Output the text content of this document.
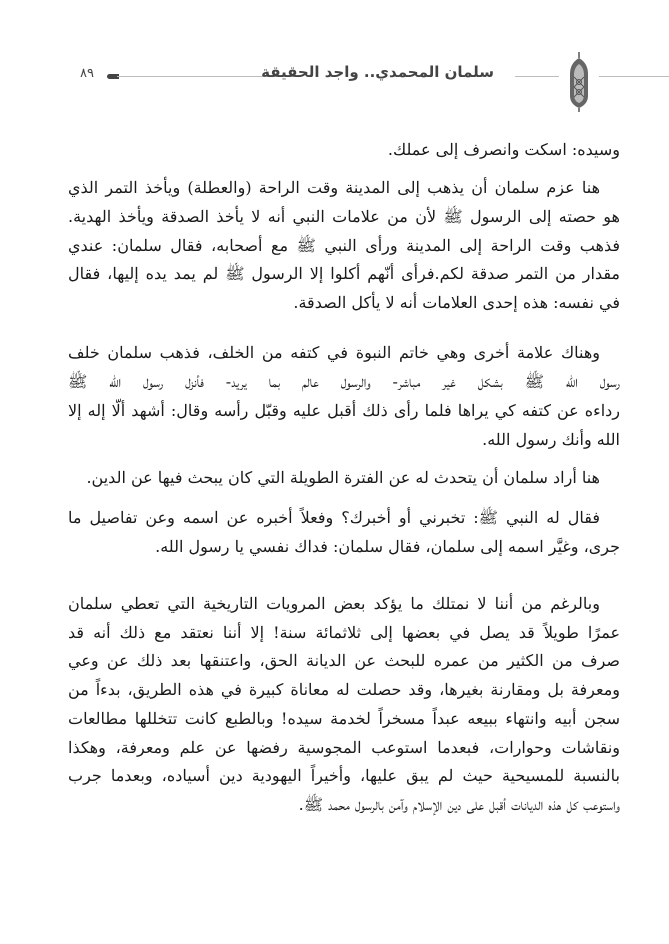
٨٩	سلمان المحمدي.. واجد الحقيقة
وسيده: اسكت وانصرف إلى عملك.
هنا عزم سلمان أن يذهب إلى المدينة وقت الراحة (والعطلة) ويأخذ التمر الذي
هو حصته إلى الرسول ﷺ لأن من علامات النبي أنه لا يأخذ الصدقة ويأخذ الهدية.
فذهب وقت الراحة إلى المدينة ورأى النبي ﷺ مع أصحابه، فقال سلمان: عندي
مقدار من التمر صدقة لكم.فرأى أنّهم أكلوا إلا الرسول ﷺ لم يمد يده إليها، فقال
في نفسه: هذه إحدى العلامات أنه لا يأكل الصدقة.
وهناك علامة أخرى وهي خاتم النبوة في كتفه من الخلف، فذهب سلمان خلف
رسول الله ﷺ بشكل غير مباشر- والرسول عالم بما يريد- فأنزل رسول الله ﷺ
رداءه عن كتفه كي يراها فلما رأى ذلك أقبل عليه وقبّل رأسه وقال: أشهد ألّا إله إلا
الله وأنك رسول الله.
هنا أراد سلمان أن يتحدث له عن الفترة الطويلة التي كان يبحث فيها عن الدين.
فقال له النبي ﷺ: تخبرني أو أخبرك؟ وفعلاً أخبره عن اسمه وعن تفاصيل ما
جرى، وغيَّر اسمه إلى سلمان، فقال سلمان: فداك نفسي يا رسول الله.
وبالرغم من أننا لا نمتلك ما يؤكد بعض المرويات التاريخية التي تعطي سلمان
عمرًا طويلاً قد يصل في بعضها إلى ثلاثمائة سنة! إلا أننا نعتقد مع ذلك أنه قد
صرف من الكثير من عمره للبحث عن الديانة الحق، واعتنقها بعد ذلك عن وعي
ومعرفة بل ومقارنة بغيرها، وقد حصلت له معاناة كبيرة في هذه الطريق، بدءاً من
سجن أبيه وانتهاء ببيعه عبداً مسخراً لخدمة سيده! وبالطبع كانت تتخللها مطالعات
ونقاشات وحوارات، فبعدما استوعب المجوسية رفضها عن علم ومعرفة، وهكذا
بالنسبة للمسيحية حيث لم يبق عليها، وأخيراً اليهودية دين أسياده، وبعدما جرب
واستوعب كل هذه الديانات أقبل على دين الإسلام وآمن بالرسول محمد ﷺ.
